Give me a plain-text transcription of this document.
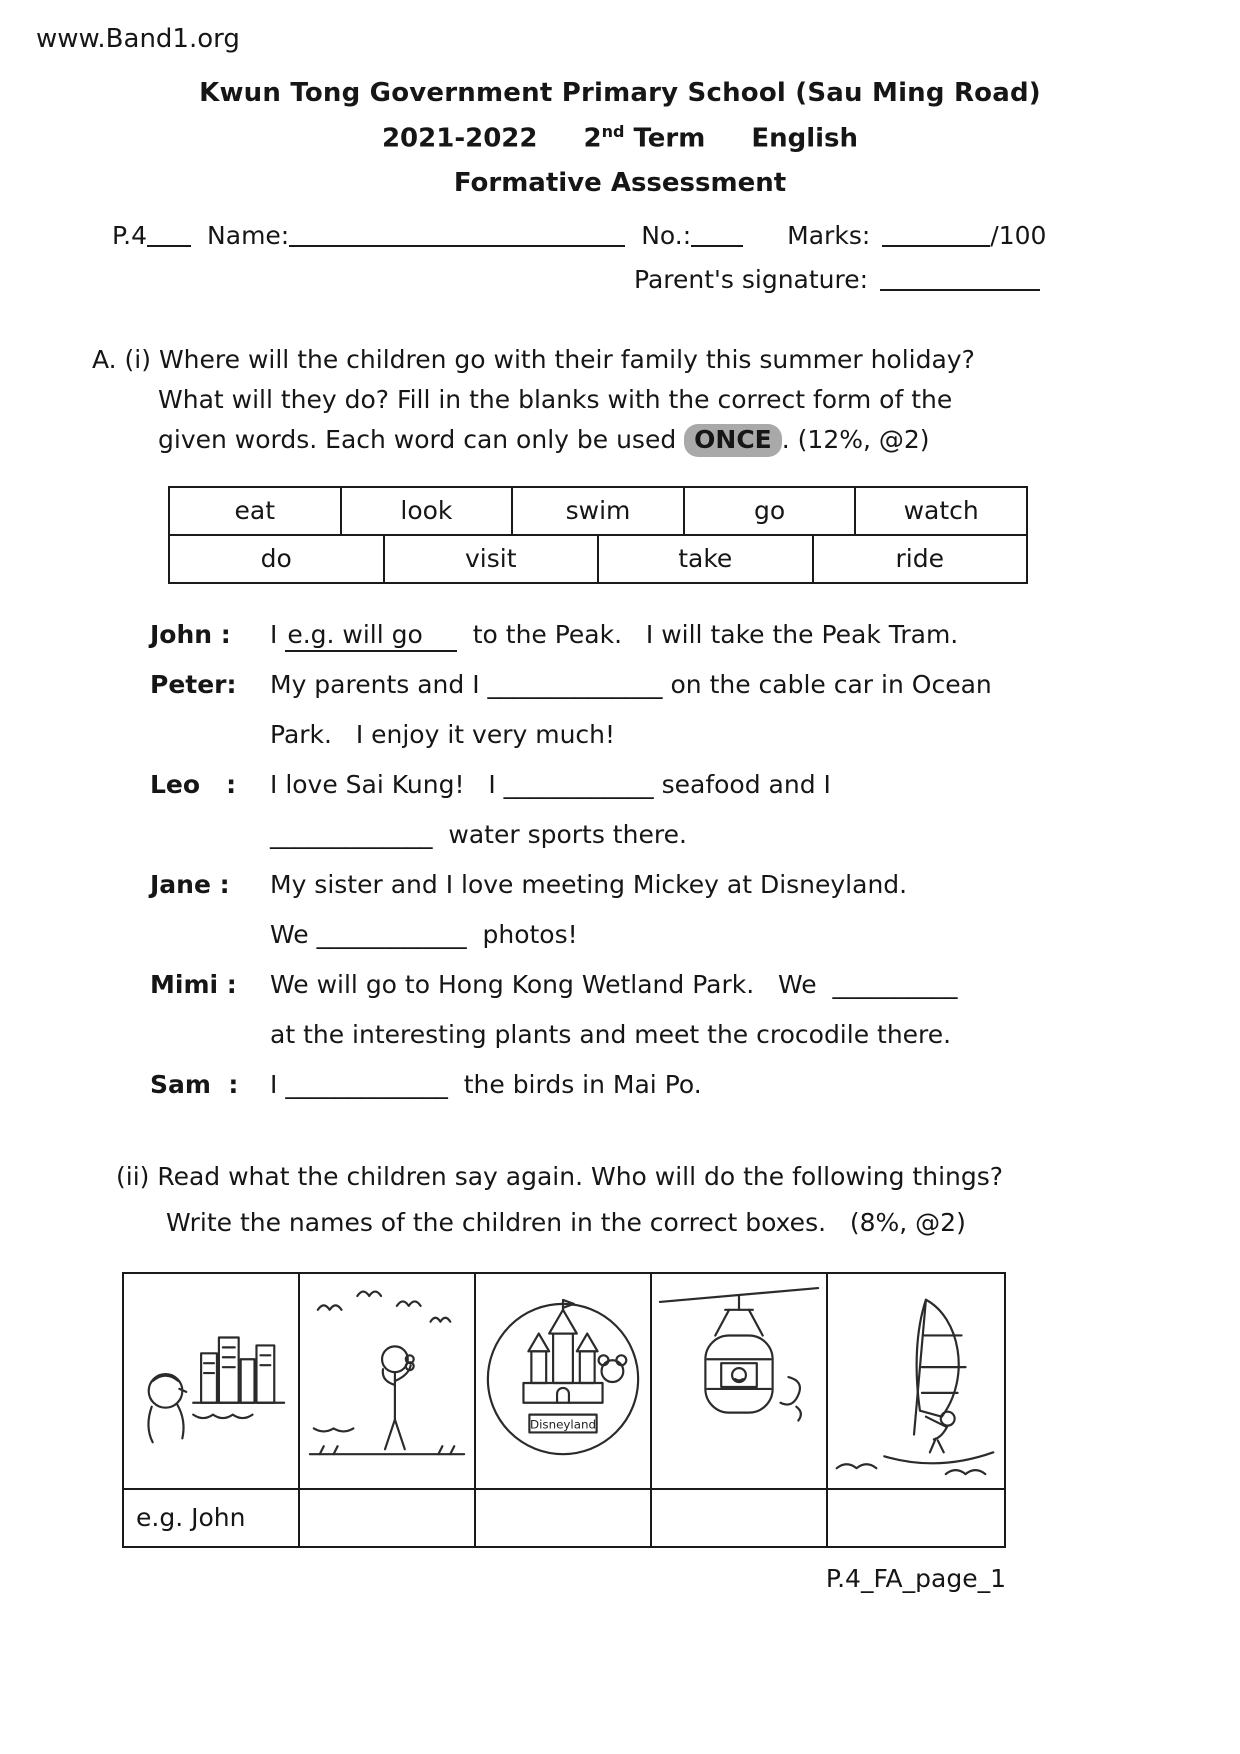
www.Band1.org
Kwun Tong Government Primary School (Sau Ming Road)
2021-2022 2nd Term English
Formative Assessment
P.4 Name:	No.:	Marks:	/100
Parent's signature:
A. (i) Where will the children go with their family this summer holiday?
What will they do? Fill in the blanks with the correct form of the
given words. Each word can only be used ONCE . (12%, @2)
eat	look	swim	go	watch
do	visit	take	ride
John :	I e.g. will go  to the Peak.   I will take the Peak Tram.
Peter:	My parents and I ______________ on the cable car in Ocean
Park.   I enjoy it very much!
Leo   :	I love Sai Kung!   I ____________ seafood and I
_____________  water sports there.
Jane :	My sister and I love meeting Mickey at Disneyland.
We ____________  photos!
Mimi :	We will go to Hong Kong Wetland Park.   We  __________
at the interesting plants and meet the crocodile there.
Sam  :	I _____________  the birds in Mai Po.
(ii) Read what the children say again. Who will do the following things?
Write the names of the children in the correct boxes.   (8%, @2)
Disneyland
e.g. John
P.4_FA_page_1
